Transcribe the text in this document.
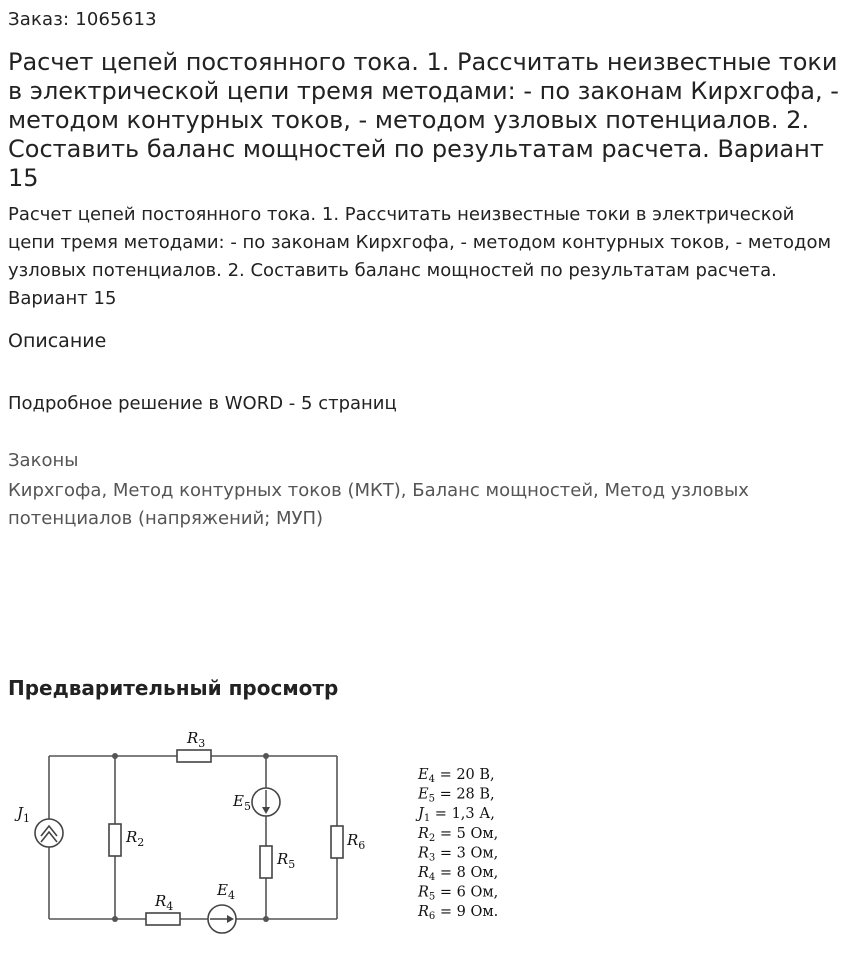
Заказ: 1065613
Расчет цепей постоянного тока. 1. Рассчитать неизвестные токи в электрической цепи тремя методами: - по законам Кирхгофа, - методом контурных токов, - методом узловых потенциалов. 2. Составить баланс мощностей по результатам расчета. Вариант 15

Расчет цепей постоянного тока. 1. Рассчитать неизвестные токи в электрической цепи тремя методами: - по законам Кирхгофа, - методом контурных токов, - методом узловых потенциалов. 2. Составить баланс мощностей по результатам расчета. Вариант 15

Описание
Подробное решение в WORD - 5 страниц
Законы
Кирхгофа, Метод контурных токов (МКТ), Баланс мощностей, Метод узловых потенциалов (напряжений; МУП)
Предварительный просмотр
$R_3$
$R_2$
$R_4$
$R_5$
$R_6$
$E_5$
$E_4$
$J_1$
$E_4 = 20$ В,
$E_5 = 28$ В,
$J_1 = 1,3$ А,
$R_2 = 5$ Ом,
$R_3 = 3$ Ом,
$R_4 = 8$ Ом,
$R_5 = 6$ Ом,
$R_6 = 9$ Ом.
